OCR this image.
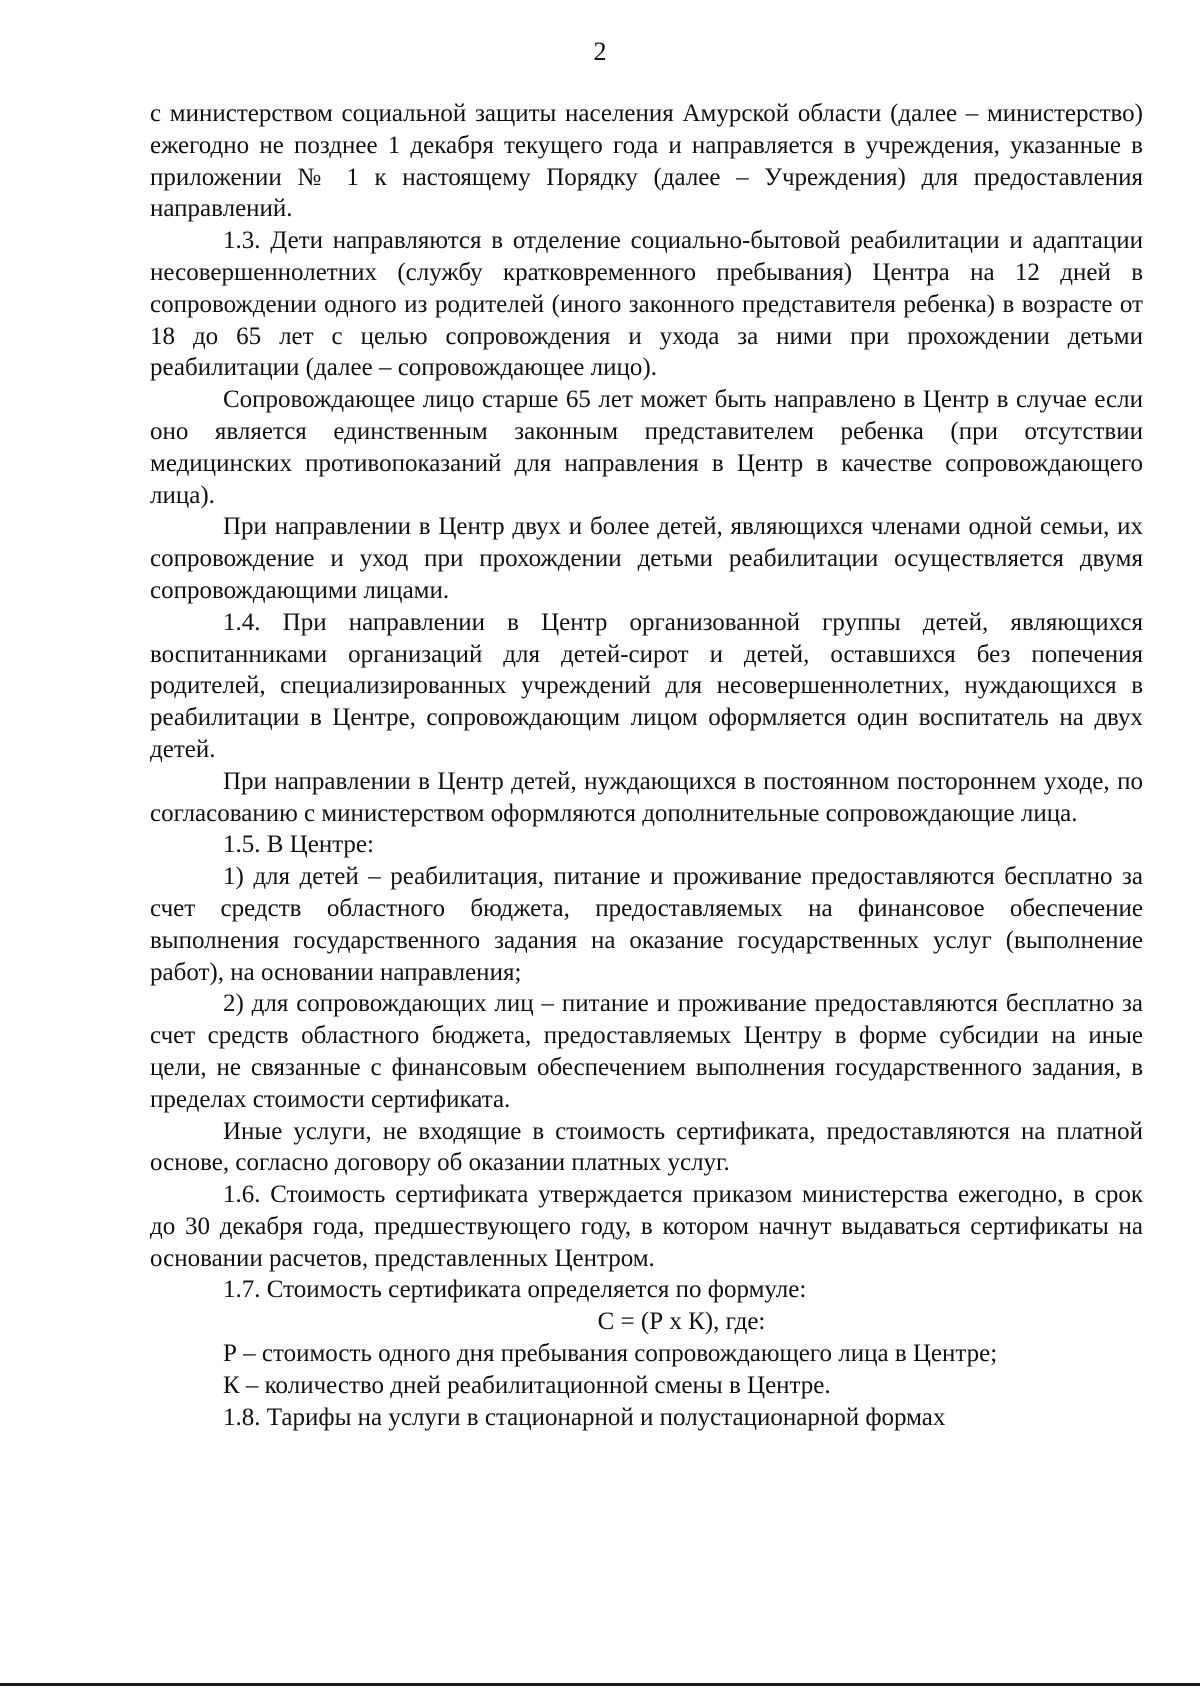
2

с министерством социальной защиты населения Амурской области (далее – министерство) ежегодно не позднее 1 декабря текущего года и направляется в учреждения, указанные в приложении № 1 к настоящему Порядку (далее – Учреждения) для предоставления направлений.

1.3. Дети направляются в отделение социально-бытовой реабилитации и адаптации несовершеннолетних (службу кратковременного пребывания) Центра на 12 дней в сопровождении одного из родителей (иного законного представителя ребенка) в возрасте от 18 до 65 лет с целью сопровождения и ухода за ними при прохождении детьми реабилитации (далее – сопровождающее лицо).

Сопровождающее лицо старше 65 лет может быть направлено в Центр в случае если оно является единственным законным представителем ребенка (при отсутствии медицинских противопоказаний для направления в Центр в качестве сопровождающего лица).

При направлении в Центр двух и более детей, являющихся членами одной семьи, их сопровождение и уход при прохождении детьми реабилитации осуществляется двумя сопровождающими лицами.

1.4. При направлении в Центр организованной группы детей, являющихся воспитанниками организаций для детей-сирот и детей, оставшихся без попечения родителей, специализированных учреждений для несовершеннолетних, нуждающихся в реабилитации в Центре, сопровождающим лицом оформляется один воспитатель на двух детей.

При направлении в Центр детей, нуждающихся в постоянном постороннем уходе, по согласованию с министерством оформляются дополнительные сопровождающие лица.

1.5. В Центре:

1) для детей – реабилитация, питание и проживание предоставляются бесплатно за счет средств областного бюджета, предоставляемых на финансовое обеспечение выполнения государственного задания на оказание государственных услуг (выполнение работ), на основании направления;

2) для сопровождающих лиц – питание и проживание предоставляются бесплатно за счет средств областного бюджета, предоставляемых Центру в форме субсидии на иные цели, не связанные с финансовым обеспечением выполнения государственного задания, в пределах стоимости сертификата.

Иные услуги, не входящие в стоимость сертификата, предоставляются на платной основе, согласно договору об оказании платных услуг.

1.6. Стоимость сертификата утверждается приказом министерства ежегодно, в срок до 30 декабря года, предшествующего году, в котором начнут выдаваться сертификаты на основании расчетов, представленных Центром.

1.7. Стоимость сертификата определяется по формуле:

С = (Р х К), где:

Р – стоимость одного дня пребывания сопровождающего лица в Центре;

К – количество дней реабилитационной смены в Центре.

1.8. Тарифы на услуги в стационарной и полустационарной формах
